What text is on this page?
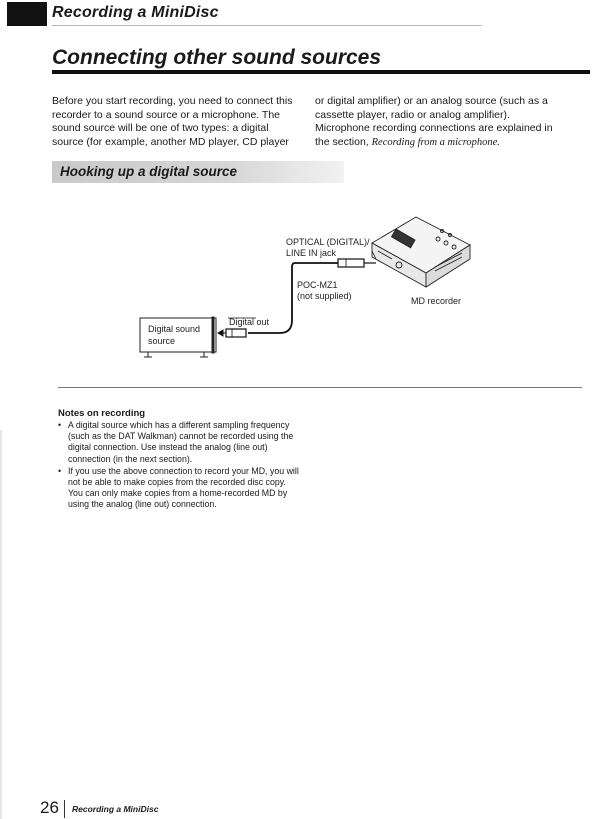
Recording a MiniDisc
Connecting other sound sources
Before you start recording, you need to connect this recorder to a sound source or a microphone. The sound source will be one of two types: a digital source (for example, another MD player, CD player
or digital amplifier) or an analog source (such as a cassette player, radio or analog amplifier). Microphone recording connections are explained in the section, Recording from a microphone.
Hooking up a digital source
OPTICAL (DIGITAL)/
LINE IN jack
POC-MZ1
(not supplied)	MD recorder
Digital out
Digital sound
source
Notes on recording
• A digital source which has a different sampling frequency (such as the DAT Walkman) cannot be recorded using the digital connection. Use instead the analog (line out) connection (in the next section).
• If you use the above connection to record your MD, you will not be able to make copies from the recorded disc copy. You can only make copies from a home-recorded MD by using the analog (line out) connection.
26 Recording a MiniDisc
